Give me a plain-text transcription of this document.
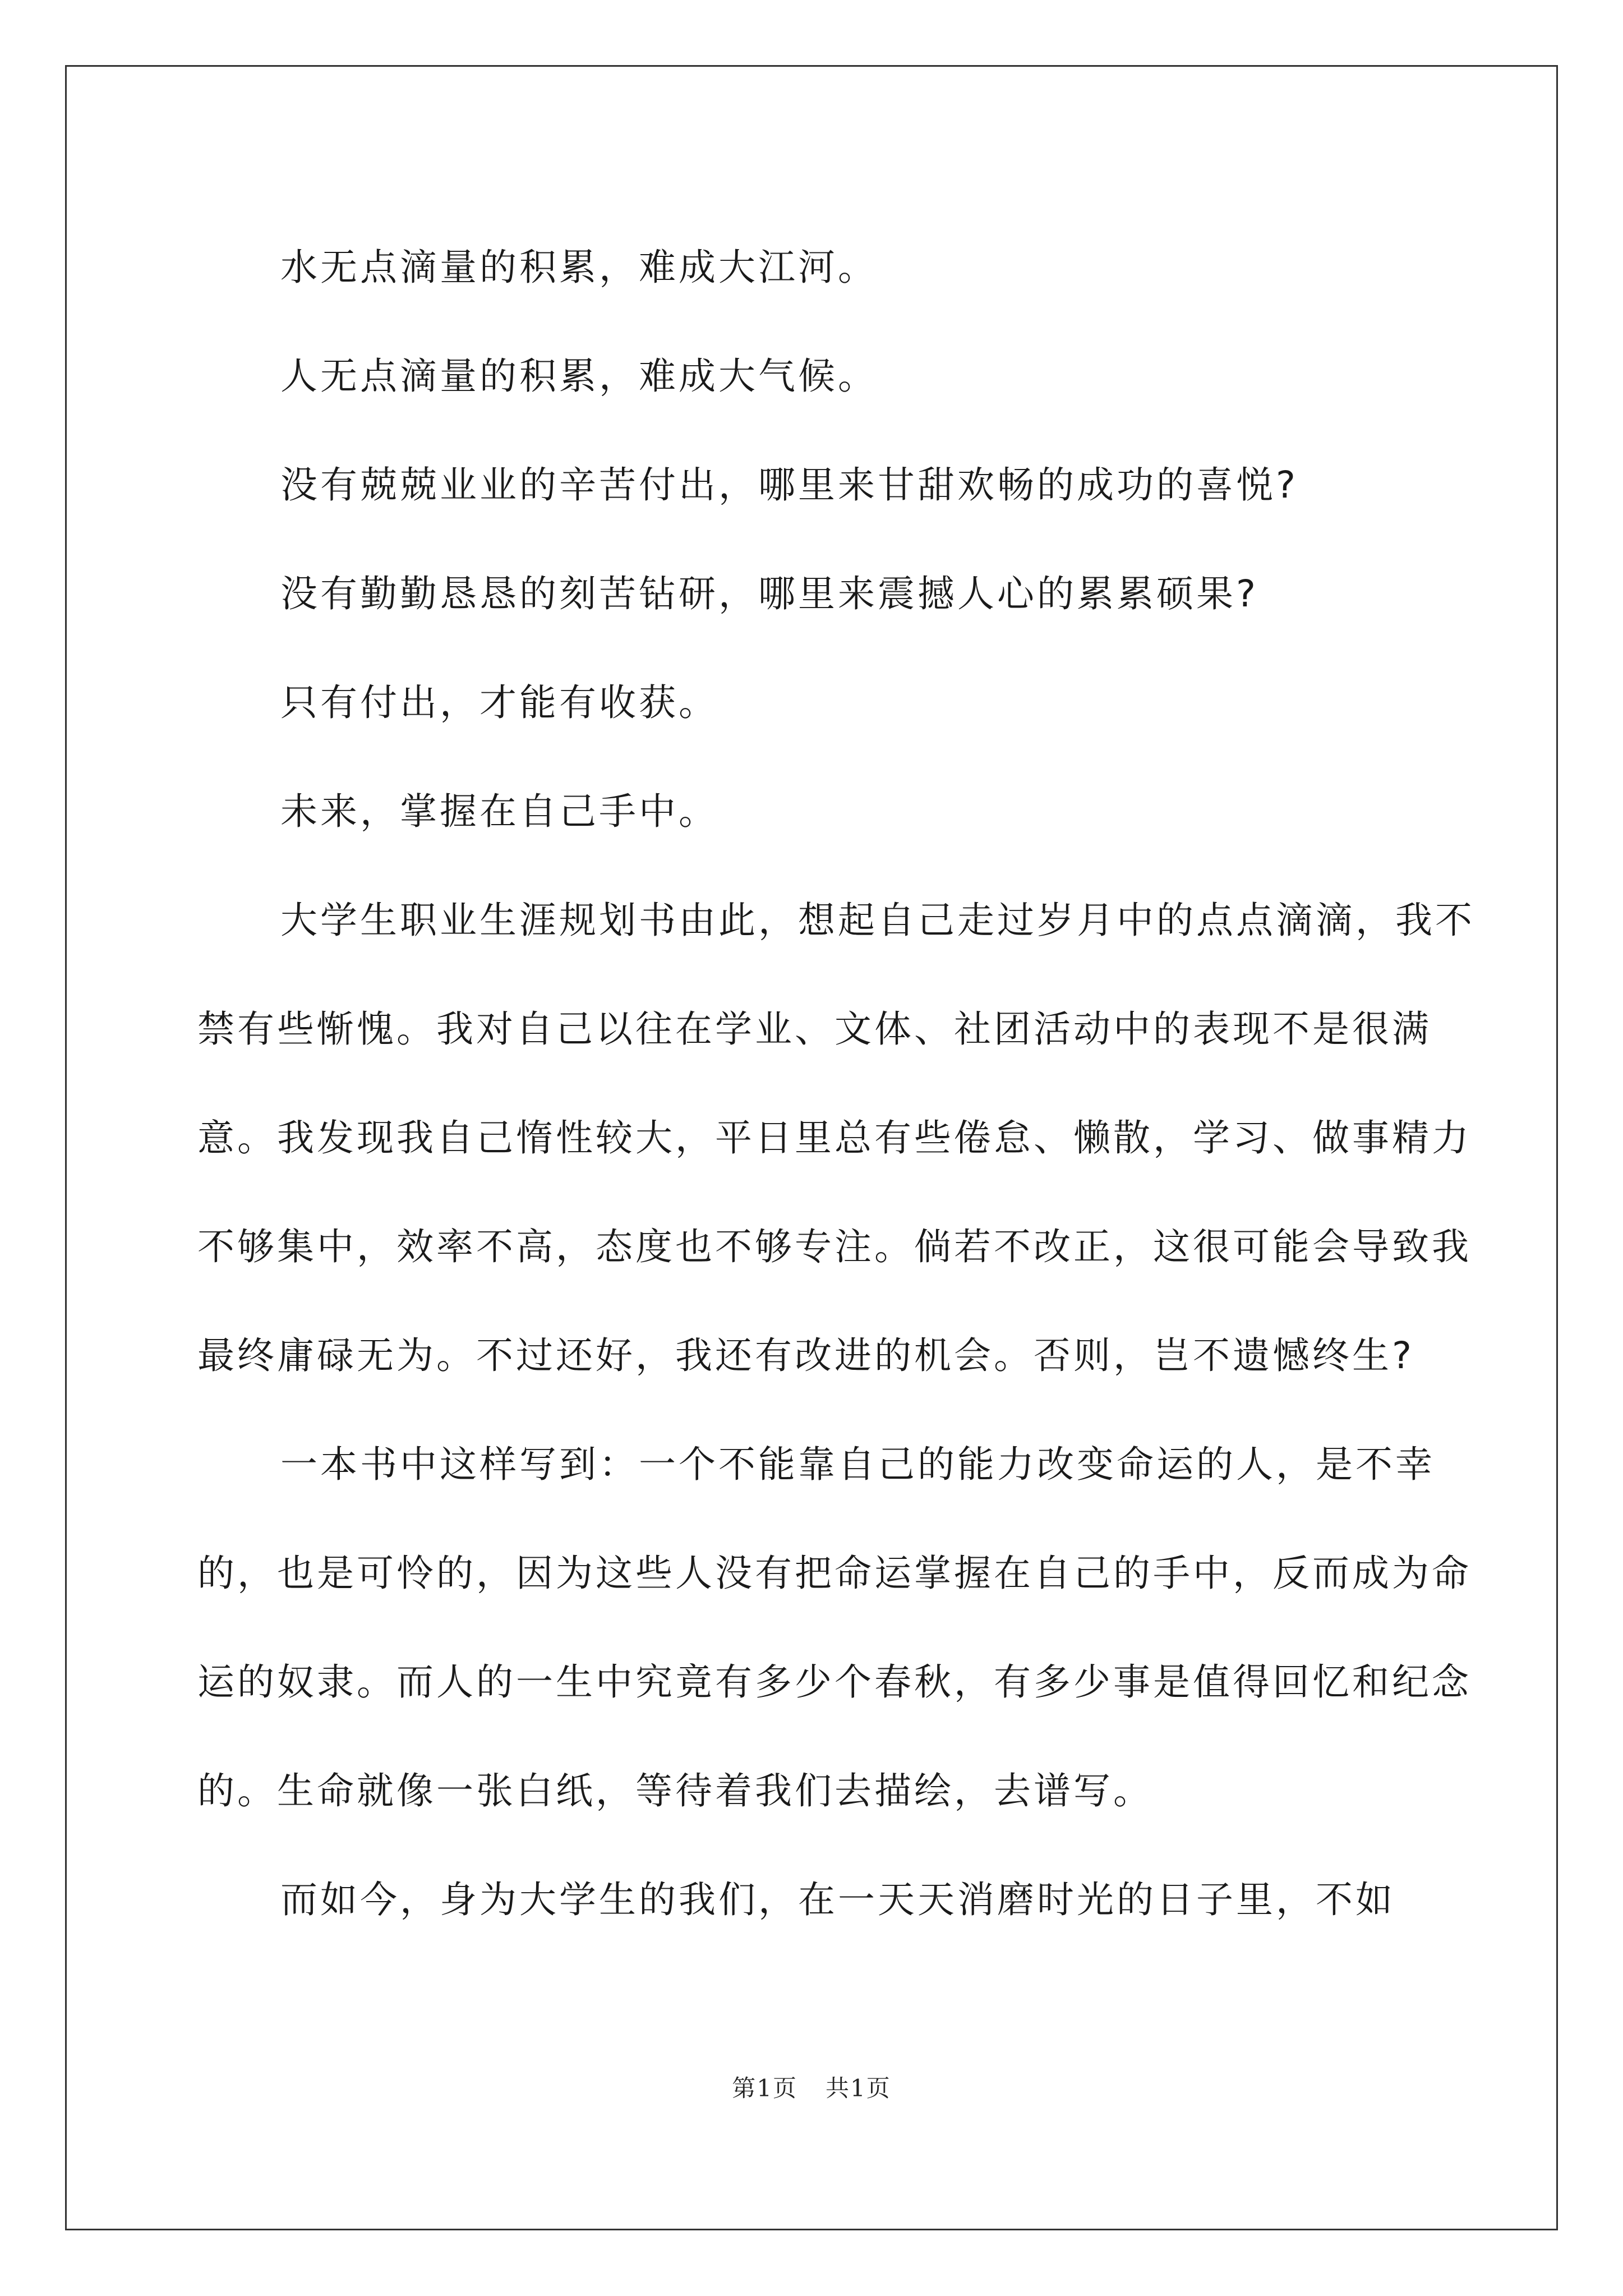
水无点滴量的积累，难成大江河。

人无点滴量的积累，难成大气候。

没有兢兢业业的辛苦付出，哪里来甘甜欢畅的成功的喜悦?

没有勤勤恳恳的刻苦钻研，哪里来震撼人心的累累硕果?

只有付出，才能有收获。

未来，掌握在自己手中。

大学生职业生涯规划书由此，想起自己走过岁月中的点点滴滴，我不禁有些惭愧。我对自己以往在学业、文体、社团活动中的表现不是很满意。我发现我自己惰性较大，平日里总有些倦怠、懒散，学习、做事精力不够集中，效率不高，态度也不够专注。倘若不改正，这很可能会导致我最终庸碌无为。不过还好，我还有改进的机会。否则，岂不遗憾终生?

一本书中这样写到：一个不能靠自己的能力改变命运的人，是不幸的，也是可怜的，因为这些人没有把命运掌握在自己的手中，反而成为命运的奴隶。而人的一生中究竟有多少个春秋，有多少事是值得回忆和纪念的。生命就像一张白纸，等待着我们去描绘，去谱写。

而如今，身为大学生的我们，在一天天消磨时光的日子里，不如

第1页 共1页
